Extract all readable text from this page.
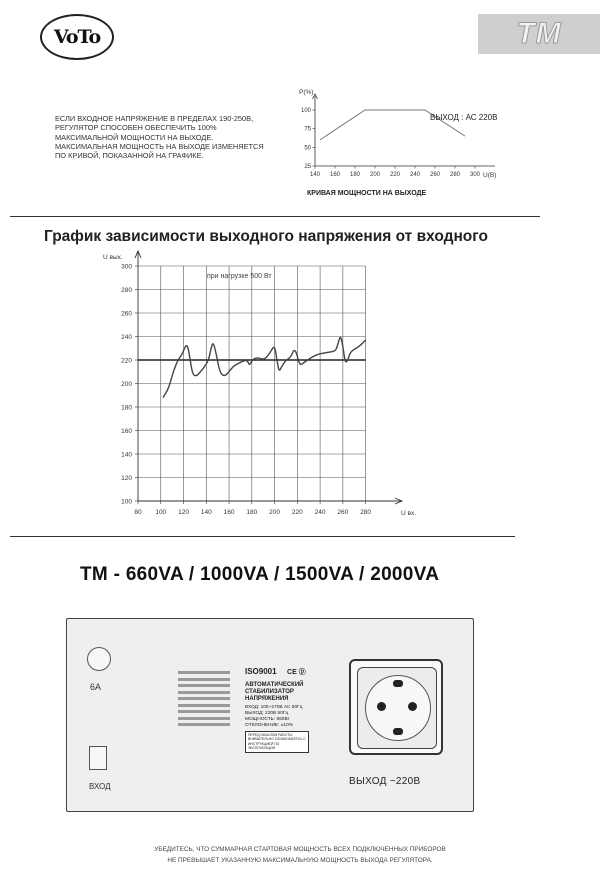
VoTo	TM
ЕСЛИ ВХОДНОЕ НАПРЯЖЕНИЕ В ПРЕДЕЛАХ 190-250В,
РЕГУЛЯТОР СПОСОБЕН ОБЕСПЕЧИТЬ 100%
МАКСИМАЛЬНОЙ МОЩНОСТИ НА ВЫХОДЕ.
МАКСИМАЛЬНАЯ МОЩНОСТЬ НА ВЫХОДЕ ИЗМЕНЯЕТСЯ
ПО КРИВОЙ, ПОКАЗАННОЙ НА ГРАФИКЕ.
140 160 180 200 220 240 260 280 300
25
50
75
100
P(%)
U(В)
ВЫХОД : АС 220В
КРИВАЯ МОЩНОСТИ НА ВЫХОДЕ
График зависимости выходного напряжения от входного
80 100 120 140 160 180 200 220 240 260 280
100
120
140
160
180
200
220
240
260
280
300
U вых.
U вх.
при нагрузке 500 Вт
ТМ - 660VA / 1000VA / 1500VA / 2000VA
6А
ВХОД
ISO9001 CE ⓟ
АВТОМАТИЧЕСКИЙ
СТАБИЛИЗАТОР
НАПРЯЖЕНИЯ
ВХОД: 105~270В АС 50Гц
ВЫХОД: 220В 50Гц
МОЩНОСТЬ: 660Вт
ОТКЛОНЕНИЕ: ±10%
ПЕРЕД НАЧАЛОМ РАБОТЫ ВНИМАТЕЛЬНО ОЗНАКОМЬТЕСЬ С ИНСТРУКЦИЕЙ ПО ЭКСПЛУАТАЦИИ
ВЫХОД ~220В
УБЕДИТЕСЬ, ЧТО СУММАРНАЯ СТАРТОВАЯ МОЩНОСТЬ ВСЕХ ПОДКЛЮЧЕННЫХ ПРИБОРОВ
НЕ ПРЕВЫШАЕТ УКАЗАННУЮ МАКСИМАЛЬНУЮ МОЩНОСТЬ ВЫХОДА РЕГУЛЯТОРА.
